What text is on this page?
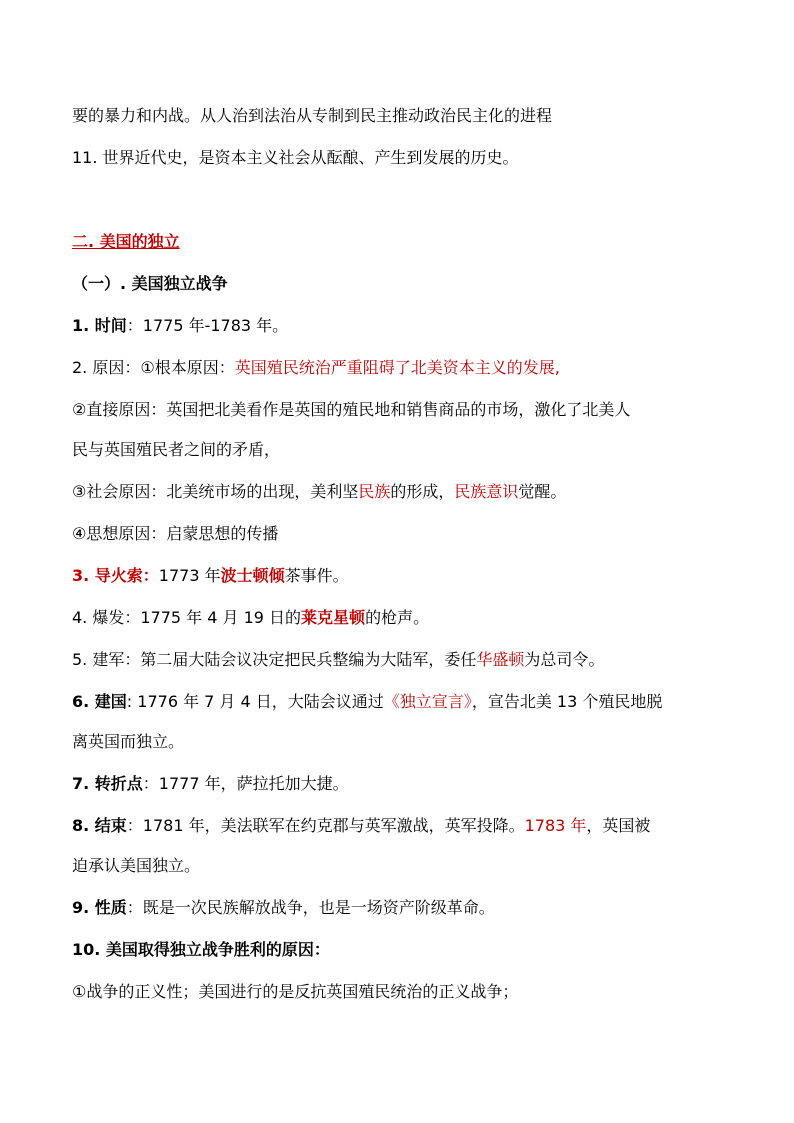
要的暴力和内战。从人治到法治从专制到民主推动政治民主化的进程
11. 世界近代史，是资本主义社会从酝酿、产生到发展的历史。
二. 美国的独立
（一）. 美国独立战争
1. 时间：1775 年-1783 年。
2. 原因：①根本原因：英国殖民统治严重阻碍了北美资本主义的发展,
②直接原因：英国把北美看作是英国的殖民地和销售商品的市场，激化了北美人
民与英国殖民者之间的矛盾，
③社会原因：北美统市场的出现，美利坚民族的形成，民族意识觉醒。
④思想原因：启蒙思想的传播
3. 导火索：1773 年波士顿倾茶事件。
4. 爆发：1775 年 4 月 19 日的莱克星顿的枪声。
5. 建军：第二届大陆会议决定把民兵整编为大陆军，委任华盛顿为总司令。
6. 建国: 1776 年 7 月 4 日，大陆会议通过《独立宣言》，宣告北美 13 个殖民地脱
离英国而独立。
7. 转折点：1777 年，萨拉托加大捷。
8. 结束：1781 年，美法联军在约克郡与英军激战，英军投降。1783 年，英国被
迫承认美国独立。
9. 性质：既是一次民族解放战争，也是一场资产阶级革命。
10. 美国取得独立战争胜利的原因：
①战争的正义性；美国进行的是反抗英国殖民统治的正义战争；
